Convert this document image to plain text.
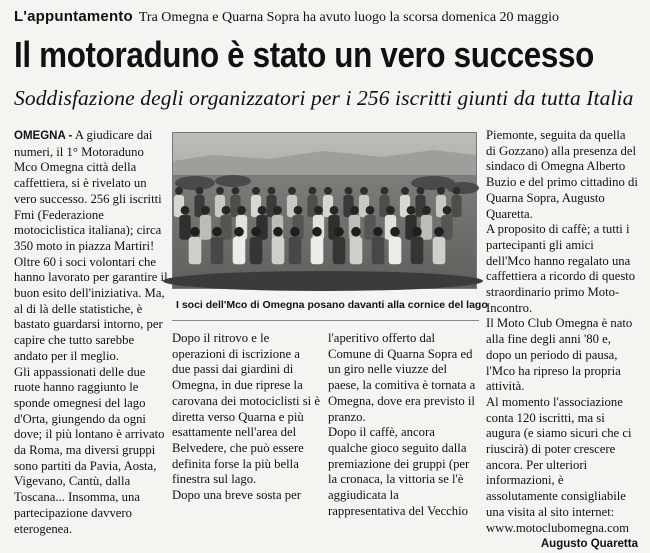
L'appuntamento Tra Omegna e Quarna Sopra ha avuto luogo la scorsa domenica 20 maggio
Il motoraduno è stato un vero successo
Soddisfazione degli organizzatori per i 256 iscritti giunti da tutta Italia

OMEGNA - A giudicare dai numeri, il 1° Motoraduno Mco Omegna città della caffettiera, si è rivelato un vero successo. 256 gli iscritti Fmi (Federazione motociclistica italiana); circa 350 moto in piazza Martiri!

Oltre 60 i soci volontari che hanno lavorato per garantire il buon esito dell'iniziativa. Ma, al di là delle statistiche, è bastato guardarsi intorno, per capire che tutto sarebbe andato per il meglio.

Gli appassionati delle due ruote hanno raggiunto le sponde omegnesi del lago d'Orta, giungendo da ogni dove; il più lontano è arrivato da Roma, ma diversi gruppi sono partiti da Pavia, Aosta, Vigevano, Cantù, dalla Toscana... Insomma, una partecipazione davvero eterogenea.

I soci dell'Mco di Omegna posano davanti alla cornice del lago

Dopo il ritrovo e le operazioni di iscrizione a due passi dai giardini di Omegna, in due riprese la carovana dei motociclisti si è diretta verso Quarna e più esattamente nell'area del Belvedere, che può essere definita forse la più bella finestra sul lago.

Dopo una breve sosta per

l'aperitivo offerto dal Comune di Quarna Sopra ed un giro nelle viuzze del paese, la comitiva è tornata a Omegna, dove era previsto il pranzo.

Dopo il caffè, ancora qualche gioco seguito dalla premiazione dei gruppi (per la cronaca, la vittoria se l'è aggiudicata la rappresentativa del Vecchio

Piemonte, seguita da quella di Gozzano) alla presenza del sindaco di Omegna Alberto Buzio e del primo cittadino di Quarna Sopra, Augusto Quaretta.

A proposito di caffè; a tutti i partecipanti gli amici dell'Mco hanno regalato una caffettiera a ricordo di questo straordinario primo Moto-Incontro.

Il Moto Club Omegna è nato alla fine degli anni '80 e, dopo un periodo di pausa, l'Mco ha ripreso la propria attività.

Al momento l'associazione conta 120 iscritti, ma si augura (e siamo sicuri che ci riuscirà) di poter crescere ancora. Per ulteriori informazioni, è assolutamente consigliabile una visita al sito internet: www.motoclubomegna.com

Augusto Quaretta
